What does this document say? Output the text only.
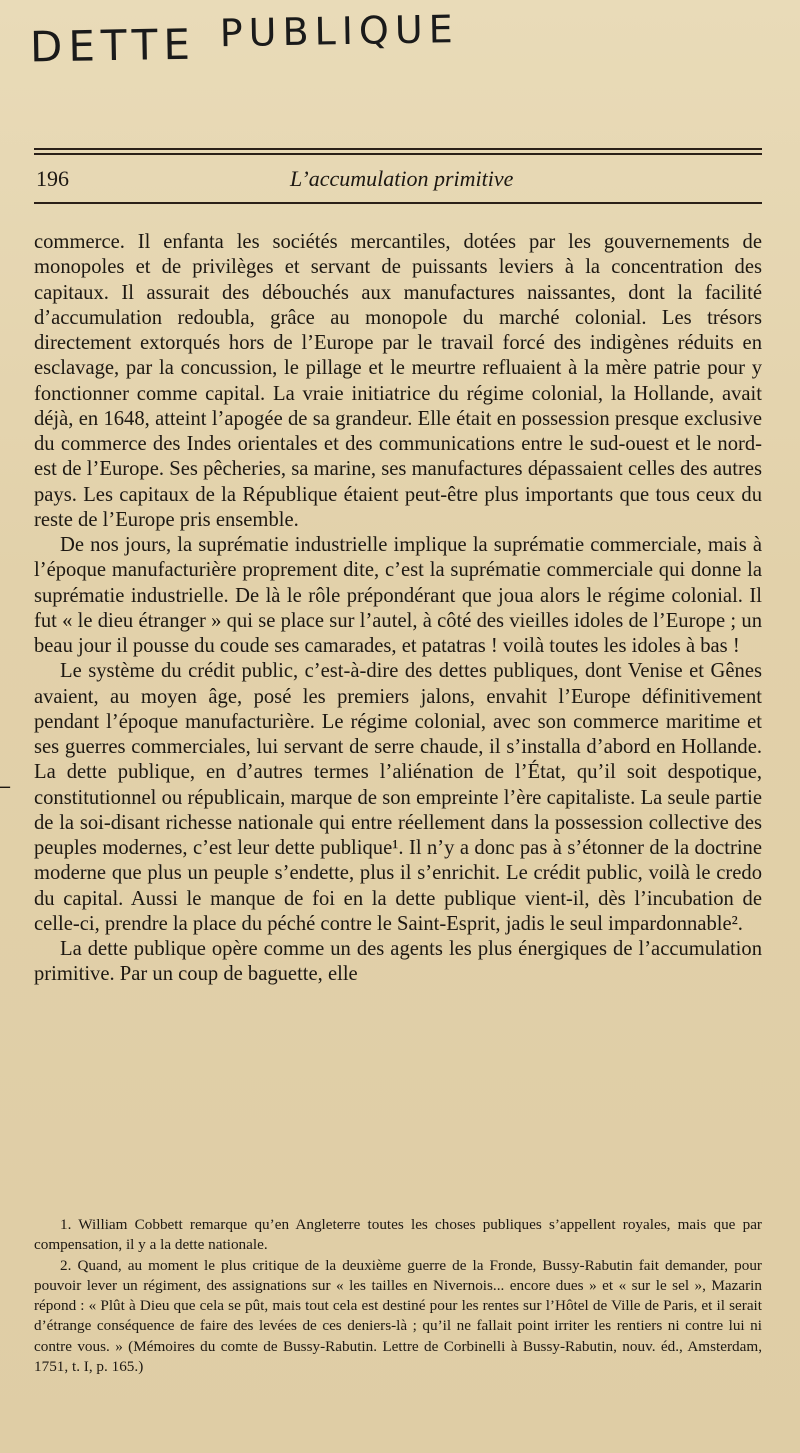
DETTE PUBLIQUE
196	L’accumulation primitive
–

commerce. Il enfanta les sociétés mercantiles, dotées par les gouvernements de monopoles et de privilèges et servant de puissants leviers à la concentration des capitaux. Il assurait des débouchés aux manufactures naissantes, dont la facilité d’accumulation redoubla, grâce au monopole du marché colonial. Les trésors directement extorqués hors de l’Europe par le travail forcé des indigènes réduits en esclavage, par la concussion, le pillage et le meurtre refluaient à la mère patrie pour y fonctionner comme capital. La vraie initiatrice du régime colonial, la Hollande, avait déjà, en 1648, atteint l’apogée de sa grandeur. Elle était en possession presque exclusive du commerce des Indes orientales et des communications entre le sud-ouest et le nord-est de l’Europe. Ses pêcheries, sa marine, ses manufactures dépassaient celles des autres pays. Les capitaux de la République étaient peut-être plus importants que tous ceux du reste de l’Europe pris ensemble.

De nos jours, la suprématie industrielle implique la suprématie commerciale, mais à l’époque manufacturière proprement dite, c’est la suprématie commerciale qui donne la suprématie industrielle. De là le rôle prépondérant que joua alors le régime colonial. Il fut « le dieu étranger » qui se place sur l’autel, à côté des vieilles idoles de l’Europe ; un beau jour il pousse du coude ses camarades, et patatras ! voilà toutes les idoles à bas !

Le système du crédit public, c’est-à-dire des dettes publiques, dont Venise et Gênes avaient, au moyen âge, posé les premiers jalons, envahit l’Europe définitivement pendant l’époque manufacturière. Le régime colonial, avec son commerce maritime et ses guerres commerciales, lui servant de serre chaude, il s’installa d’abord en Hollande. La dette publique, en d’autres termes l’aliénation de l’État, qu’il soit despotique, constitutionnel ou républicain, marque de son empreinte l’ère capitaliste. La seule partie de la soi-disant richesse nationale qui entre réellement dans la possession collective des peuples modernes, c’est leur dette publique¹. Il n’y a donc pas à s’étonner de la doctrine moderne que plus un peuple s’endette, plus il s’enrichit. Le crédit public, voilà le credo du capital. Aussi le manque de foi en la dette publique vient-il, dès l’incubation de celle-ci, prendre la place du péché contre le Saint-Esprit, jadis le seul impardonnable².

La dette publique opère comme un des agents les plus énergiques de l’accumulation primitive. Par un coup de baguette, elle

1. William Cobbett remarque qu’en Angleterre toutes les choses publiques s’appellent royales, mais que par compensation, il y a la dette nationale.

2. Quand, au moment le plus critique de la deuxième guerre de la Fronde, Bussy-Rabutin fait demander, pour pouvoir lever un régiment, des assignations sur « les tailles en Nivernois... encore dues » et « sur le sel », Mazarin répond : « Plût à Dieu que cela se pût, mais tout cela est destiné pour les rentes sur l’Hôtel de Ville de Paris, et il serait d’étrange conséquence de faire des levées de ces deniers-là ; qu’il ne fallait point irriter les rentiers ni contre lui ni contre vous. » (Mémoires du comte de Bussy-Rabutin. Lettre de Corbinelli à Bussy-Rabutin, nouv. éd., Amsterdam, 1751, t. I, p. 165.)
